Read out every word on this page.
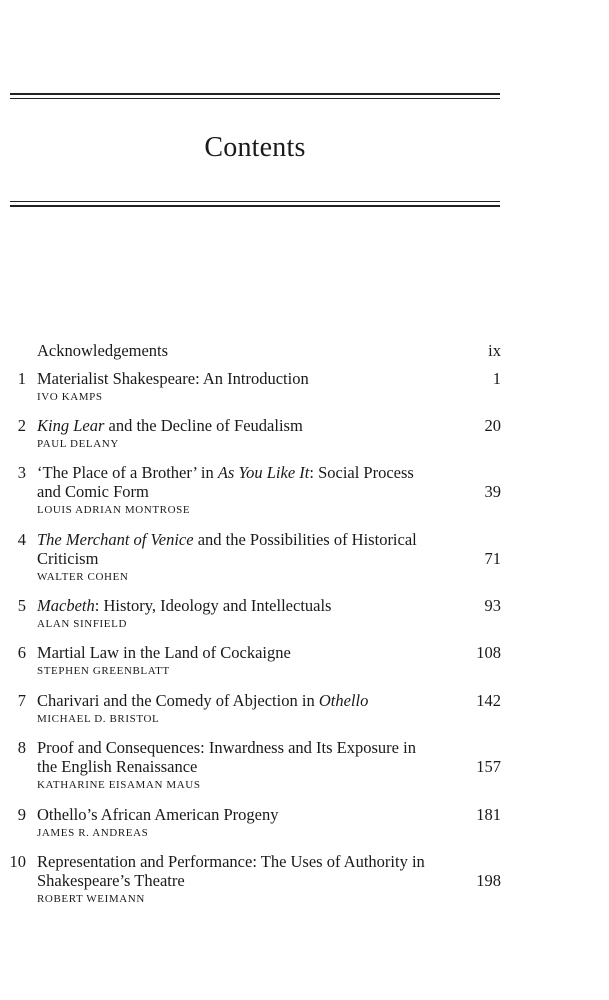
Contents
Acknowledgements	ix
1 Materialist Shakespeare: An Introduction	1
IVO KAMPS
2 King Lear and the Decline of Feudalism	20
PAUL DELANY
3 ‘The Place of a Brother’ in As You Like It: Social Process
and Comic Form	39
LOUIS ADRIAN MONTROSE
4 The Merchant of Venice and the Possibilities of Historical
Criticism	71
WALTER COHEN
5 Macbeth: History, Ideology and Intellectuals	93
ALAN SINFIELD
6 Martial Law in the Land of Cockaigne	108
STEPHEN GREENBLATT
7 Charivari and the Comedy of Abjection in Othello	142
MICHAEL D. BRISTOL
8 Proof and Consequences: Inwardness and Its Exposure in
the English Renaissance	157
KATHARINE EISAMAN MAUS
9 Othello’s African American Progeny	181
JAMES R. ANDREAS
10 Representation and Performance: The Uses of Authority in
Shakespeare’s Theatre	198
ROBERT WEIMANN
